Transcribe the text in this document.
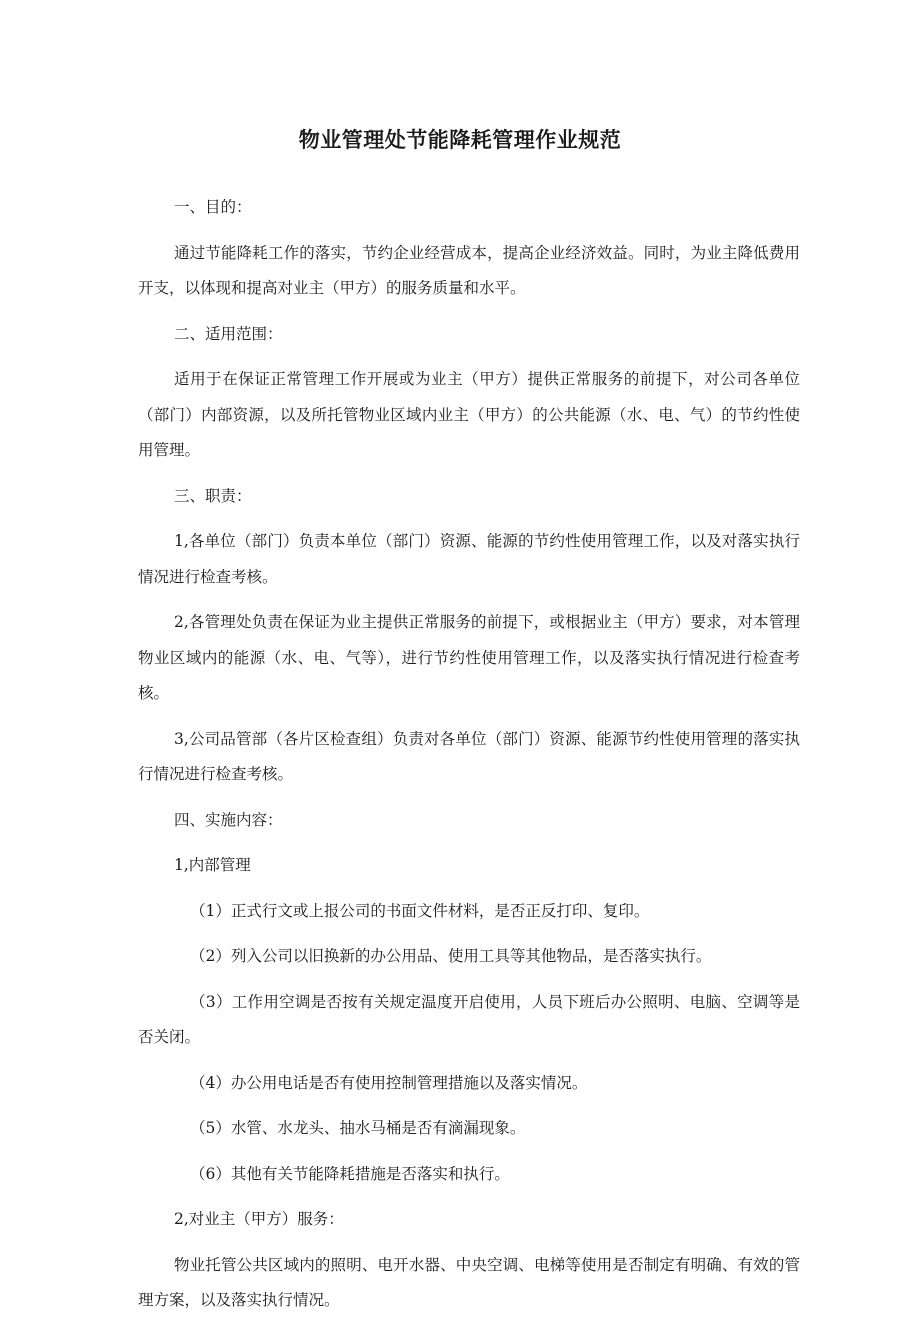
物业管理处节能降耗管理作业规范

一、目的：

通过节能降耗工作的落实，节约企业经营成本，提高企业经济效益。同时，为业主降低费用开支，以体现和提高对业主（甲方）的服务质量和水平。

二、适用范围：

适用于在保证正常管理工作开展或为业主（甲方）提供正常服务的前提下，对公司各单位（部门）内部资源，以及所托管物业区域内业主（甲方）的公共能源（水、电、气）的节约性使用管理。

三、职责：

1,各单位（部门）负责本单位（部门）资源、能源的节约性使用管理工作，以及对落实执行情况进行检查考核。

2,各管理处负责在保证为业主提供正常服务的前提下，或根据业主（甲方）要求，对本管理物业区域内的能源（水、电、气等），进行节约性使用管理工作，以及落实执行情况进行检查考核。

3,公司品管部（各片区检查组）负责对各单位（部门）资源、能源节约性使用管理的落实执行情况进行检查考核。

四、实施内容：

1,内部管理

（1）正式行文或上报公司的书面文件材料，是否正反打印、复印。

（2）列入公司以旧换新的办公用品、使用工具等其他物品，是否落实执行。

（3）工作用空调是否按有关规定温度开启使用，人员下班后办公照明、电脑、空调等是否关闭。

（4）办公用电话是否有使用控制管理措施以及落实情况。

（5）水管、水龙头、抽水马桶是否有滴漏现象。

（6）其他有关节能降耗措施是否落实和执行。

2,对业主（甲方）服务：

物业托管公共区域内的照明、电开水器、中央空调、电梯等使用是否制定有明确、有效的管理方案，以及落实执行情况。
